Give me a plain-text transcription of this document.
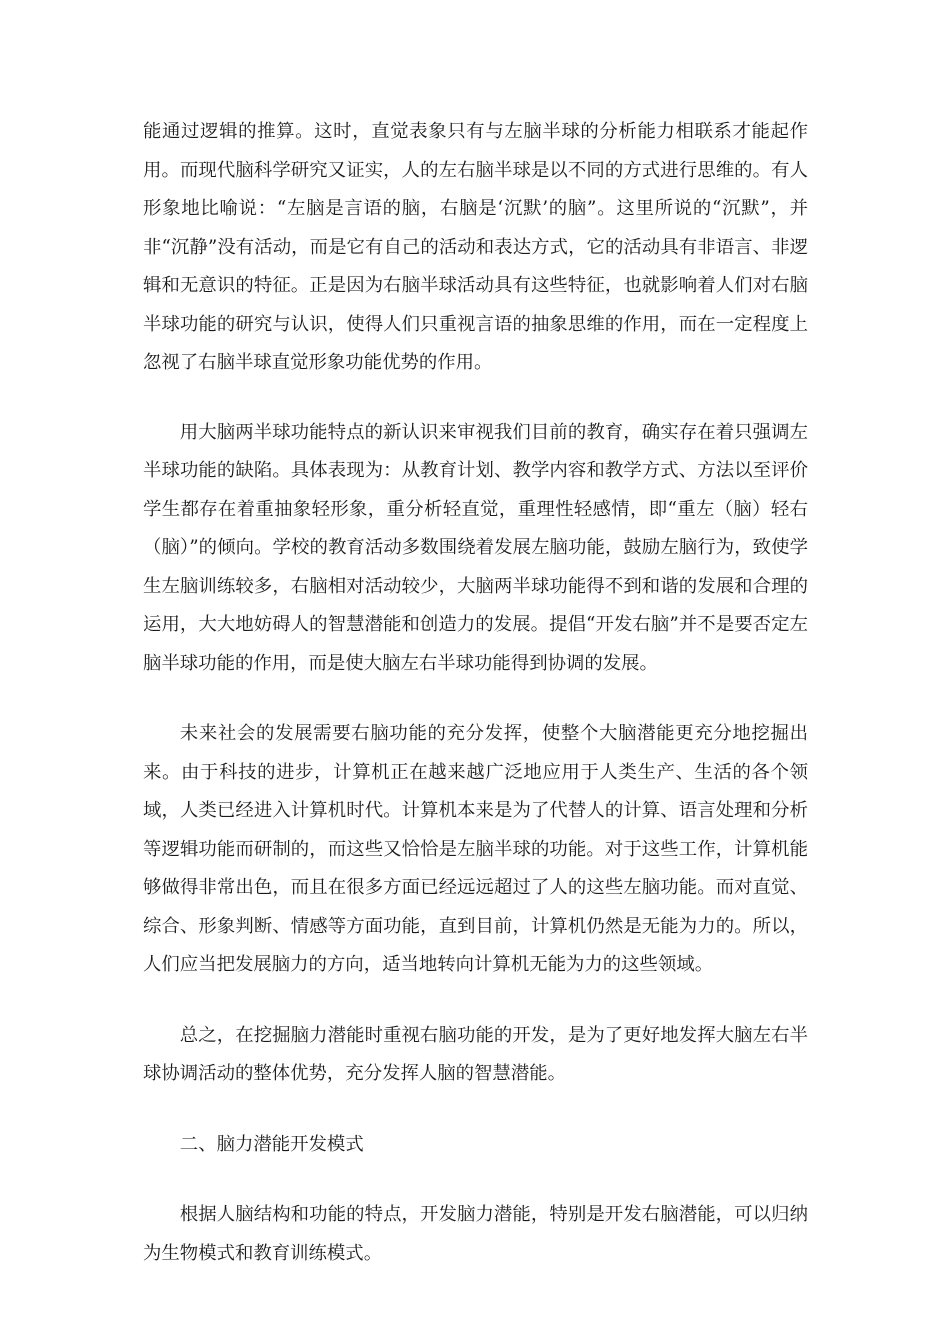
能通过逻辑的推算。这时，直觉表象只有与左脑半球的分析能力相联系才能起作用。而现代脑科学研究又证实，人的左右脑半球是以不同的方式进行思维的。有人形象地比喻说：“左脑是言语的脑，右脑是‘沉默’的脑”。这里所说的“沉默”，并非“沉静”没有活动，而是它有自己的活动和表达方式，它的活动具有非语言、非逻辑和无意识的特征。正是因为右脑半球活动具有这些特征，也就影响着人们对右脑半球功能的研究与认识，使得人们只重视言语的抽象思维的作用，而在一定程度上忽视了右脑半球直觉形象功能优势的作用。

用大脑两半球功能特点的新认识来审视我们目前的教育，确实存在着只强调左半球功能的缺陷。具体表现为：从教育计划、教学内容和教学方式、方法以至评价学生都存在着重抽象轻形象，重分析轻直觉，重理性轻感情，即“重左（脑）轻右（脑）”的倾向。学校的教育活动多数围绕着发展左脑功能，鼓励左脑行为，致使学生左脑训练较多，右脑相对活动较少，大脑两半球功能得不到和谐的发展和合理的运用，大大地妨碍人的智慧潜能和创造力的发展。提倡“开发右脑”并不是要否定左脑半球功能的作用，而是使大脑左右半球功能得到协调的发展。

未来社会的发展需要右脑功能的充分发挥，使整个大脑潜能更充分地挖掘出来。由于科技的进步，计算机正在越来越广泛地应用于人类生产、生活的各个领域，人类已经进入计算机时代。计算机本来是为了代替人的计算、语言处理和分析等逻辑功能而研制的，而这些又恰恰是左脑半球的功能。对于这些工作，计算机能够做得非常出色，而且在很多方面已经远远超过了人的这些左脑功能。而对直觉、综合、形象判断、情感等方面功能，直到目前，计算机仍然是无能为力的。所以，人们应当把发展脑力的方向，适当地转向计算机无能为力的这些领域。

总之，在挖掘脑力潜能时重视右脑功能的开发，是为了更好地发挥大脑左右半球协调活动的整体优势，充分发挥人脑的智慧潜能。

二、脑力潜能开发模式

根据人脑结构和功能的特点，开发脑力潜能，特别是开发右脑潜能，可以归纳为生物模式和教育训练模式。
